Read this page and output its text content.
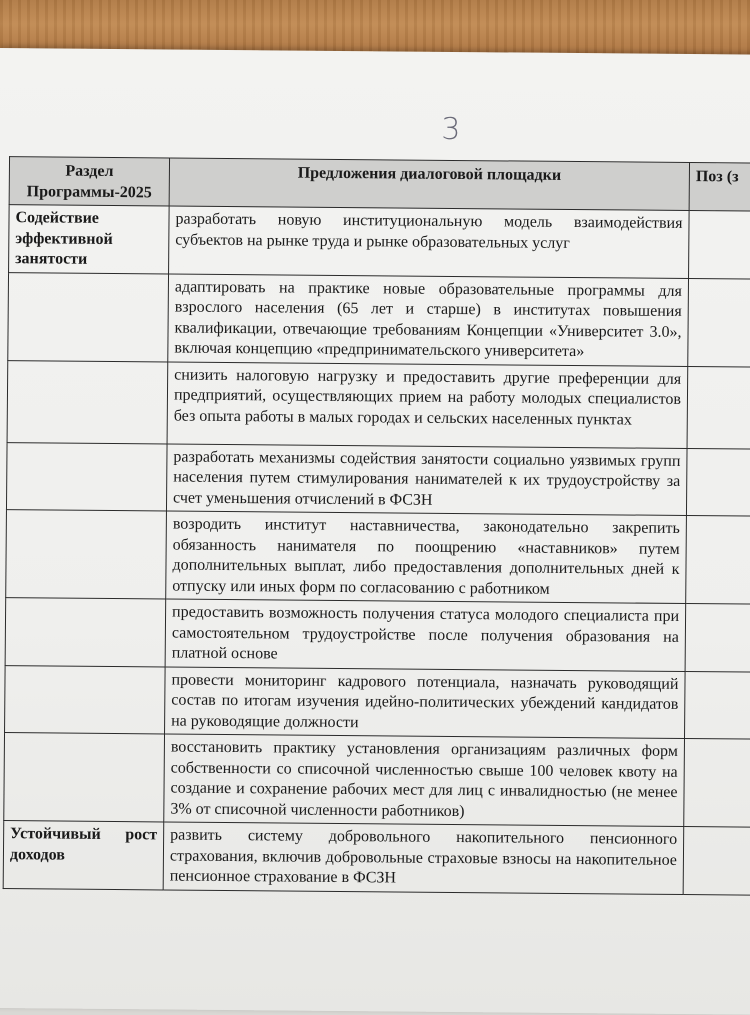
3
Раздел Программы-2025	Предложения диалоговой площадки	Поз (з
Содействие эффективной занятости	разработать новую институциональную модель взаимодействия субъектов на рынке труда и рынке образовательных услуг	
	адаптировать на практике новые образовательные программы для взрослого населения (65 лет и старше) в институтах повышения квалификации, отвечающие требованиям Концепции «Университет 3.0», включая концепцию «предпринимательского университета»	
	снизить налоговую нагрузку и предоставить другие преференции для предприятий, осуществляющих прием на работу молодых специалистов без опыта работы в малых городах и сельских населенных пунктах	
	разработать механизмы содействия занятости социально уязвимых групп населения путем стимулирования нанимателей к их трудоустройству за счет уменьшения отчислений в ФСЗН	
	возродить институт наставничества, законодательно закрепить обязанность нанимателя по поощрению «наставников» путем дополнительных выплат, либо предоставления дополнительных дней к отпуску или иных форм по согласованию с работником	
	предоставить возможность получения статуса молодого специалиста при самостоятельном трудоустройстве после получения образования на платной основе	
	провести мониторинг кадрового потенциала, назначать руководящий состав по итогам изучения идейно-политических убеждений кандидатов на руководящие должности	
	восстановить практику установления организациям различных форм собственности со списочной численностью свыше 100 человек квоту на создание и сохранение рабочих мест для лиц с инвалидностью (не менее 3% от списочной численности работников)	
Устойчивый рост доходов	развить систему добровольного накопительного пенсионного страхования, включив добровольные страховые взносы на накопительное пенсионное страхование в ФСЗН	
